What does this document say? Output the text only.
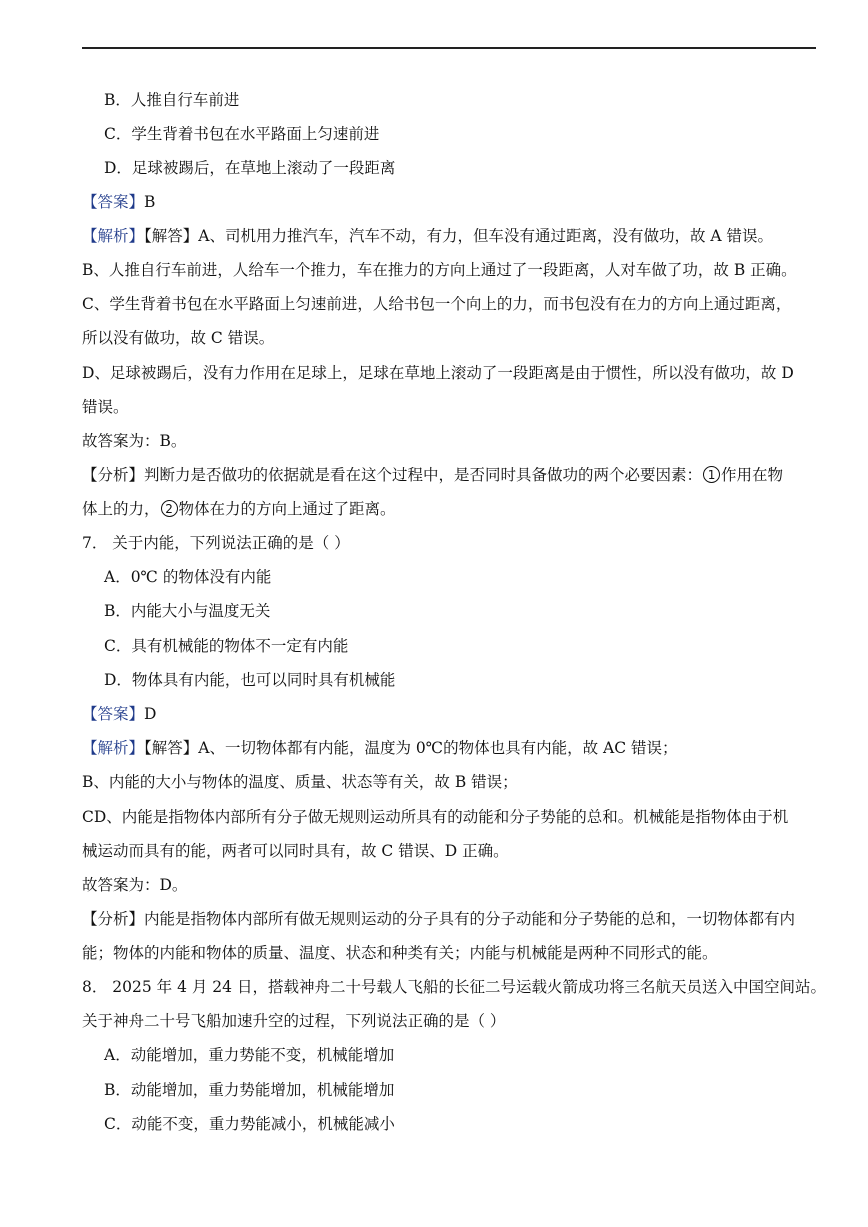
B．人推自行车前进
C．学生背着书包在水平路面上匀速前进
D．足球被踢后，在草地上滚动了一段距离
【答案】B
【解析】【解答】A、司机用力推汽车，汽车不动，有力，但车没有通过距离，没有做功，故 A 错误。
B、人推自行车前进，人给车一个推力，车在推力的方向上通过了一段距离，人对车做了功，故 B 正确。
C、学生背着书包在水平路面上匀速前进，人给书包一个向上的力，而书包没有在力的方向上通过距离，
所以没有做功，故 C 错误。
D、足球被踢后，没有力作用在足球上，足球在草地上滚动了一段距离是由于惯性，所以没有做功，故 D
错误。
故答案为：B。
【分析】判断力是否做功的依据就是看在这个过程中，是否同时具备做功的两个必要因素： 1 作用在物
体上的力， 2 物体在力的方向上通过了距离。
7． 关于内能，下列说法正确的是（ ）
A．0℃ 的物体没有内能
B．内能大小与温度无关
C．具有机械能的物体不一定有内能
D．物体具有内能，也可以同时具有机械能
【答案】D
【解析】【解答】A、一切物体都有内能，温度为 0℃的物体也具有内能，故 AC 错误；
B、内能的大小与物体的温度、质量、状态等有关，故 B 错误；
CD、内能是指物体内部所有分子做无规则运动所具有的动能和分子势能的总和。机械能是指物体由于机
械运动而具有的能，两者可以同时具有，故 C 错误、D 正确。
故答案为：D。
【分析】内能是指物体内部所有做无规则运动的分子具有的分子动能和分子势能的总和，一切物体都有内
能；物体的内能和物体的质量、温度、状态和种类有关；内能与机械能是两种不同形式的能。
8． 2025 年 4 月 24 日，搭载神舟二十号载人飞船的长征二号运载火箭成功将三名航天员送入中国空间站。
关于神舟二十号飞船加速升空的过程，下列说法正确的是（ ）
A．动能增加，重力势能不变，机械能增加
B．动能增加，重力势能增加，机械能增加
C．动能不变，重力势能减小，机械能减小
